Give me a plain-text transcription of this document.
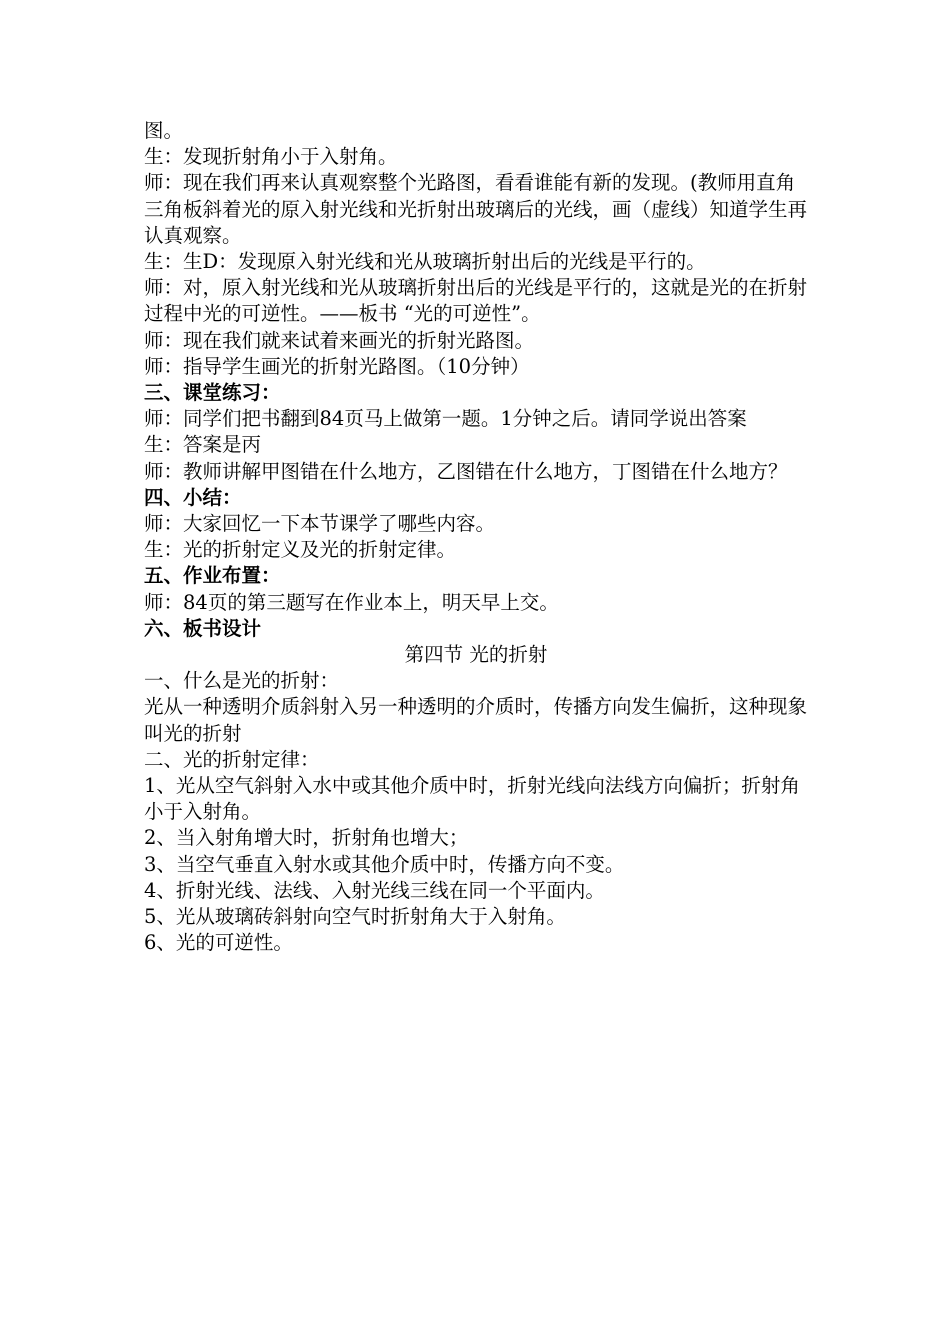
图。
生：发现折射角小于入射角。
师：现在我们再来认真观察整个光路图，看看谁能有新的发现。(教师用直角三角板斜着光的原入射光线和光折射出玻璃后的光线，画（虚线）知道学生再认真观察。
生：生D：发现原入射光线和光从玻璃折射出后的光线是平行的。
师：对，原入射光线和光从玻璃折射出后的光线是平行的，这就是光的在折射过程中光的可逆性。——板书 “光的可逆性”。
师：现在我们就来试着来画光的折射光路图。
师：指导学生画光的折射光路图。（10分钟）
三、课堂练习：
师：同学们把书翻到84页马上做第一题。1分钟之后。请同学说出答案
生：答案是丙
师：教师讲解甲图错在什么地方，乙图错在什么地方，丁图错在什么地方？
四、小结：
师：大家回忆一下本节课学了哪些内容。
生：光的折射定义及光的折射定律。
五、作业布置：
师：84页的第三题写在作业本上，明天早上交。
六、板书设计
第四节 光的折射
一、什么是光的折射：
光从一种透明介质斜射入另一种透明的介质时，传播方向发生偏折，这种现象叫光的折射
二、光的折射定律：
1、光从空气斜射入水中或其他介质中时，折射光线向法线方向偏折；折射角小于入射角。
2、当入射角增大时，折射角也增大；
3、当空气垂直入射水或其他介质中时，传播方向不变。
4、折射光线、法线、入射光线三线在同一个平面内。
5、光从玻璃砖斜射向空气时折射角大于入射角。
6、光的可逆性。
